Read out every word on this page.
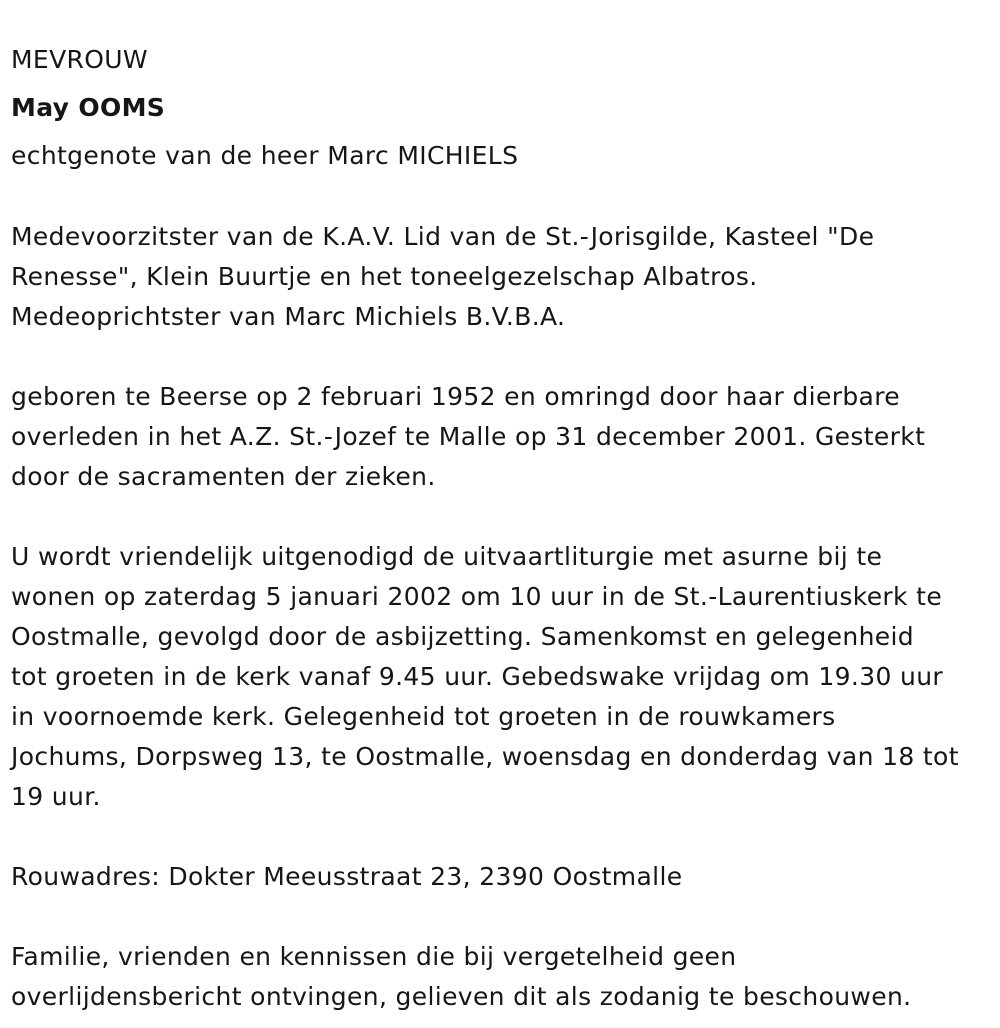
MEVROUW
May OOMS
echtgenote van de heer Marc MICHIELS
Medevoorzitster van de K.A.V. Lid van de St.-Jorisgilde, Kasteel "De
Renesse", Klein Buurtje en het toneelgezelschap Albatros.
Medeoprichtster van Marc Michiels B.V.B.A.
geboren te Beerse op 2 februari 1952 en omringd door haar dierbare
overleden in het A.Z. St.-Jozef te Malle op 31 december 2001. Gesterkt
door de sacramenten der zieken.
U wordt vriendelijk uitgenodigd de uitvaartliturgie met asurne bij te
wonen op zaterdag 5 januari 2002 om 10 uur in de St.-Laurentiuskerk te
Oostmalle, gevolgd door de asbijzetting. Samenkomst en gelegenheid
tot groeten in de kerk vanaf 9.45 uur. Gebedswake vrijdag om 19.30 uur
in voornoemde kerk. Gelegenheid tot groeten in de rouwkamers
Jochums, Dorpsweg 13, te Oostmalle, woensdag en donderdag van 18 tot
19 uur.
Rouwadres: Dokter Meeusstraat 23, 2390 Oostmalle
Familie, vrienden en kennissen die bij vergetelheid geen
overlijdensbericht ontvingen, gelieven dit als zodanig te beschouwen.
